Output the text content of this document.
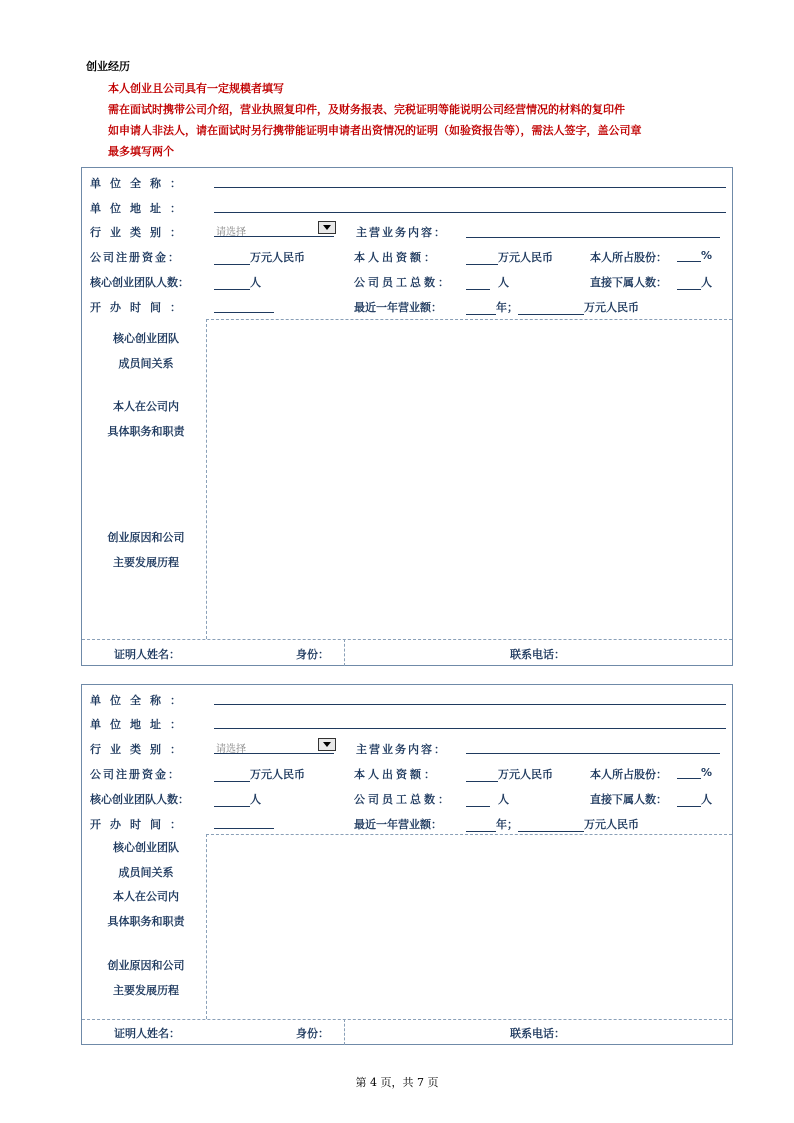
创业经历
本人创业且公司具有一定规模者填写
需在面试时携带公司介绍，营业执照复印件，及财务报表、完税证明等能说明公司经营情况的材料的复印件
如申请人非法人，请在面试时另行携带能证明申请者出资情况的证明（如验资报告等），需法人签字，盖公司章
最多填写两个
单位全称：
单位地址：
行业类别：	请选择	主营业务内容：
公司注册资金：	万元人民币	本人出资额：	万元人民币	本人所占股份：	%
核心创业团队人数：	人	公司员工总数：	人	直接下属人数：	人
开办时间：	最近一年营业额：	年；	万元人民币
核心创业团队
成员间关系
本人在公司内
具体职务和职责
创业原因和公司
主要发展历程
证明人姓名：	身份：	联系电话：
单位全称：
单位地址：
行业类别：	请选择	主营业务内容：
公司注册资金：	万元人民币	本人出资额：	万元人民币	本人所占股份：	%
核心创业团队人数：	人	公司员工总数：	人	直接下属人数：	人
开办时间：	最近一年营业额：	年；	万元人民币
核心创业团队
成员间关系
本人在公司内
具体职务和职责
创业原因和公司
主要发展历程
证明人姓名：	身份：	联系电话：
第 4 页，共 7 页
